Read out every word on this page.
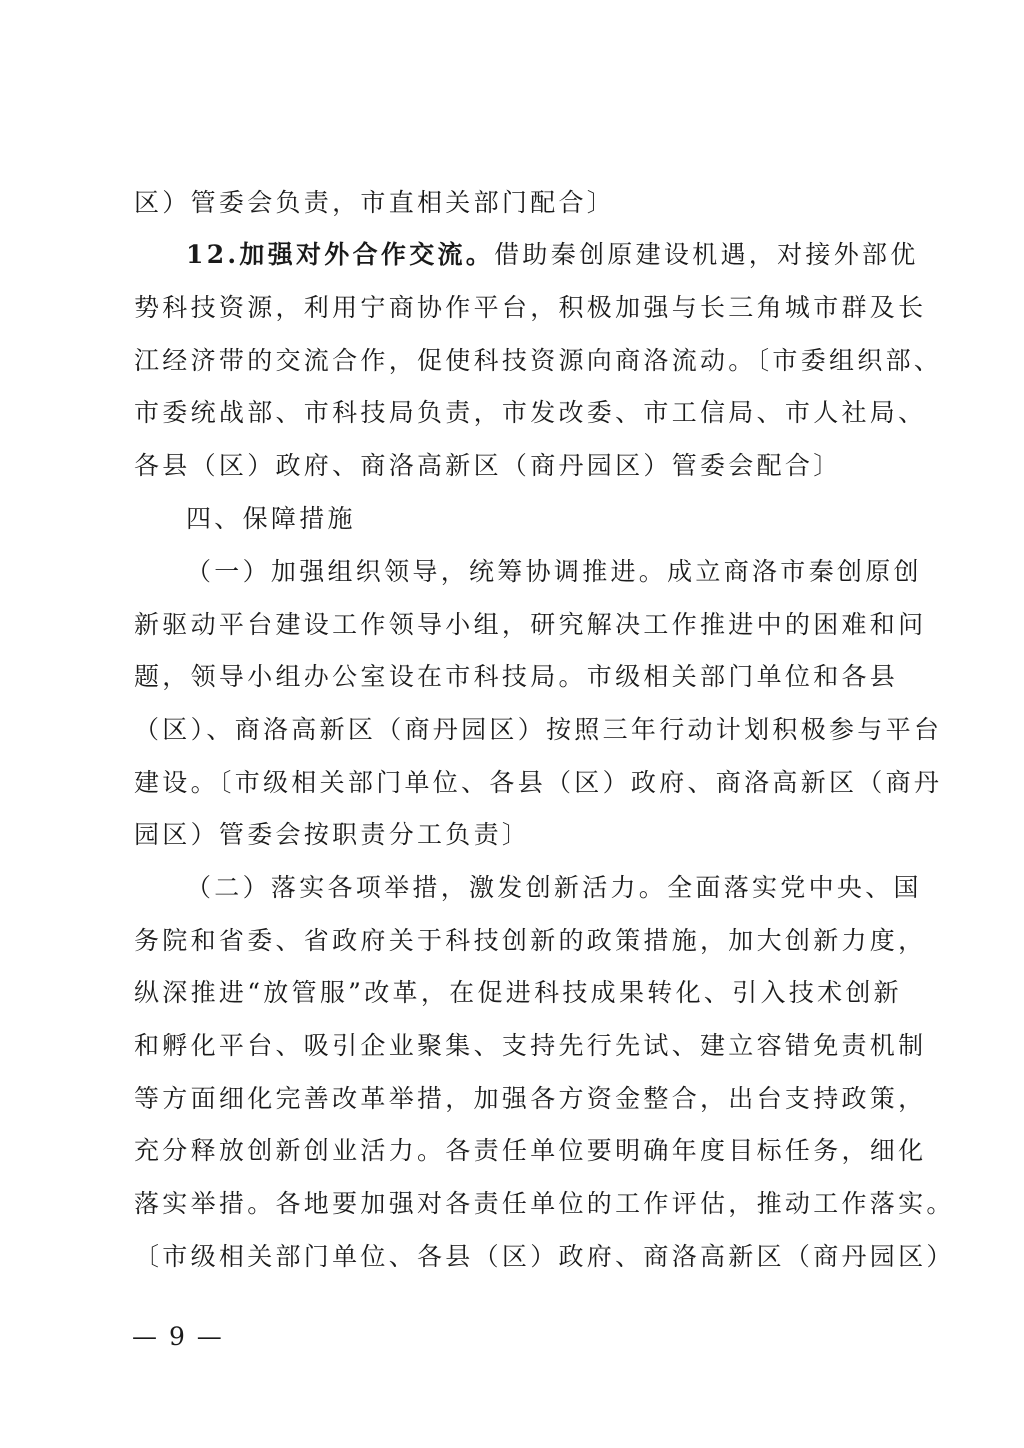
区）管委会负责，市直相关部门配合〕
12.加强对外合作交流。借助秦创原建设机遇，对接外部优
势科技资源，利用宁商协作平台，积极加强与长三角城市群及长
江经济带的交流合作，促使科技资源向商洛流动。〔市委组织部、
市委统战部、市科技局负责，市发改委、市工信局、市人社局、
各县（区）政府、商洛高新区（商丹园区）管委会配合〕
四、保障措施
（一）加强组织领导，统筹协调推进。成立商洛市秦创原创
新驱动平台建设工作领导小组，研究解决工作推进中的困难和问
题，领导小组办公室设在市科技局。市级相关部门单位和各县
（区）、商洛高新区（商丹园区）按照三年行动计划积极参与平台
建设。〔市级相关部门单位、各县（区）政府、商洛高新区（商丹
园区）管委会按职责分工负责〕
（二）落实各项举措，激发创新活力。全面落实党中央、国
务院和省委、省政府关于科技创新的政策措施，加大创新力度，
纵深推进“放管服”改革，在促进科技成果转化、引入技术创新
和孵化平台、吸引企业聚集、支持先行先试、建立容错免责机制
等方面细化完善改革举措，加强各方资金整合，出台支持政策，
充分释放创新创业活力。各责任单位要明确年度目标任务，细化
落实举措。各地要加强对各责任单位的工作评估，推动工作落实。
〔市级相关部门单位、各县（区）政府、商洛高新区（商丹园区）
— 9 —
